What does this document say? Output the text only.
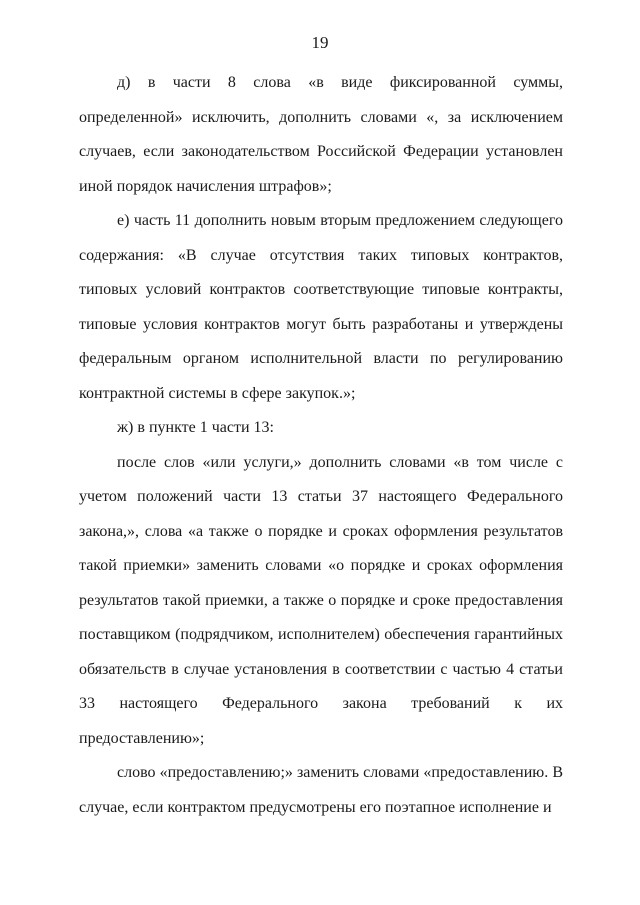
19

д) в части 8 слова «в виде фиксированной суммы, определенной» исключить, дополнить словами «, за исключением случаев, если законодательством Российской Федерации установлен иной порядок начисления штрафов»;

е) часть 11 дополнить новым вторым предложением следующего содержания: «В случае отсутствия таких типовых контрактов, типовых условий контрактов соответствующие типовые контракты, типовые условия контрактов могут быть разработаны и утверждены федеральным органом исполнительной власти по регулированию контрактной системы в сфере закупок.»;

ж) в пункте 1 части 13:

после слов «или услуги,» дополнить словами «в том числе с учетом положений части 13 статьи 37 настоящего Федерального закона,», слова «а также о порядке и сроках оформления результатов такой приемки» заменить словами «о порядке и сроках оформления результатов такой приемки, а также о порядке и сроке предоставления поставщиком (подрядчиком, исполнителем) обеспечения гарантийных обязательств в случае установления в соответствии с частью 4 статьи 33 настоящего Федерального закона требований к их предоставлению»;

слово «предоставлению;» заменить словами «предоставлению. В случае, если контрактом предусмотрены его поэтапное исполнение и
